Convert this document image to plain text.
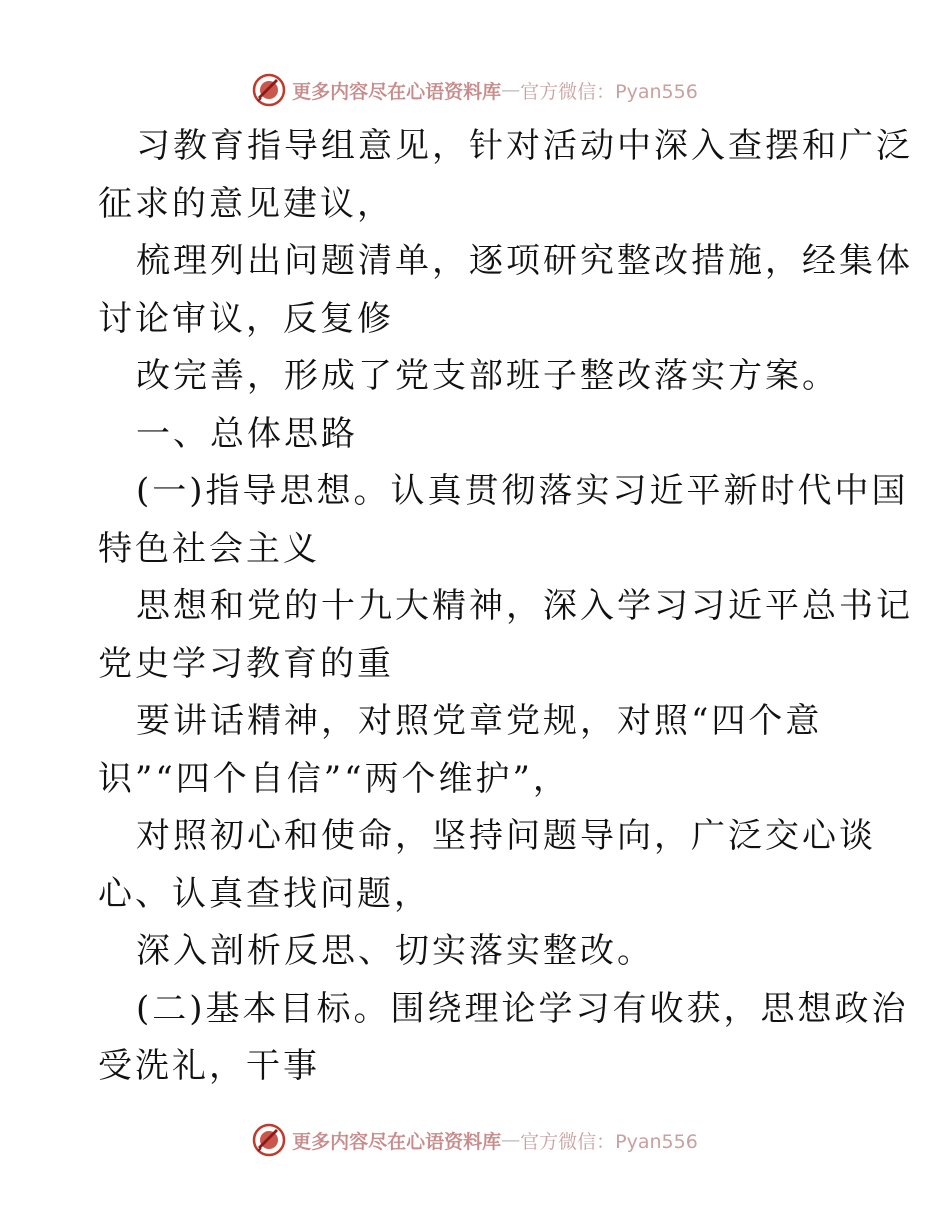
更多内容尽在心语资料库 — 官方微信：Pyan556
习教育指导组意见，针对活动中深入查摆和广泛
征求的意见建议，
梳理列出问题清单，逐项研究整改措施，经集体
讨论审议，反复修
改完善，形成了党支部班子整改落实方案。
一、总体思路
(一)指导思想。认真贯彻落实习近平新时代中国
特色社会主义
思想和党的十九大精神，深入学习习近平总书记
党史学习教育的重
要讲话精神，对照党章党规，对照“四个意
识”“四个自信”“两个维护”，
对照初心和使命，坚持问题导向，广泛交心谈
心、认真查找问题，
深入剖析反思、切实落实整改。
(二)基本目标。围绕理论学习有收获，思想政治
受洗礼，干事
更多内容尽在心语资料库 — 官方微信：Pyan556
